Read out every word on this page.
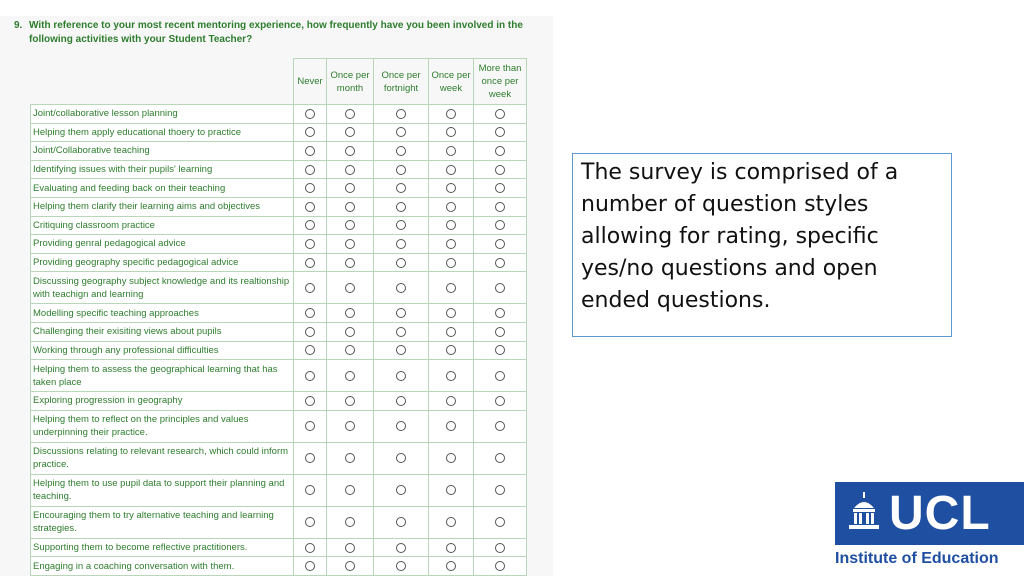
9. With reference to your most recent mentoring experience, how frequently have you been involved in the following activities with your Student Teacher?
	Never	Once per month	Once per fortnight	Once per week	More than once per week
Joint/collaborative lesson planning					
Helping them apply educational thoery to practice					
Joint/Collaborative teaching					
Identifying issues with their pupils' learning					
Evaluating and feeding back on their teaching					
Helping them clarify their learning aims and objectives					
Critiquing classroom practice					
Providing genral pedagogical advice					
Providing geography specific pedagogical advice					
Discussing geography subject knowledge and its realtionship with teachign and learning					
Modelling specific teaching approaches					
Challenging their exisiting views about pupils					
Working through any professional difficulties					
Helping them to assess the geographical learning that has taken place					
Exploring progression in geography					
Helping them to reflect on the principles and values underpinning their practice.					
Discussions relating to relevant research, which could inform practice.					
Helping them to use pupil data to support their planning and teaching.					
Encouraging them to try alternative teaching and learning strategies.					
Supporting them to become reflective practitioners.					
Engaging in a coaching conversation with them.					
The survey is comprised of a number of question styles allowing for rating, specific yes/no questions and open ended questions.
UCL
Institute of Education
